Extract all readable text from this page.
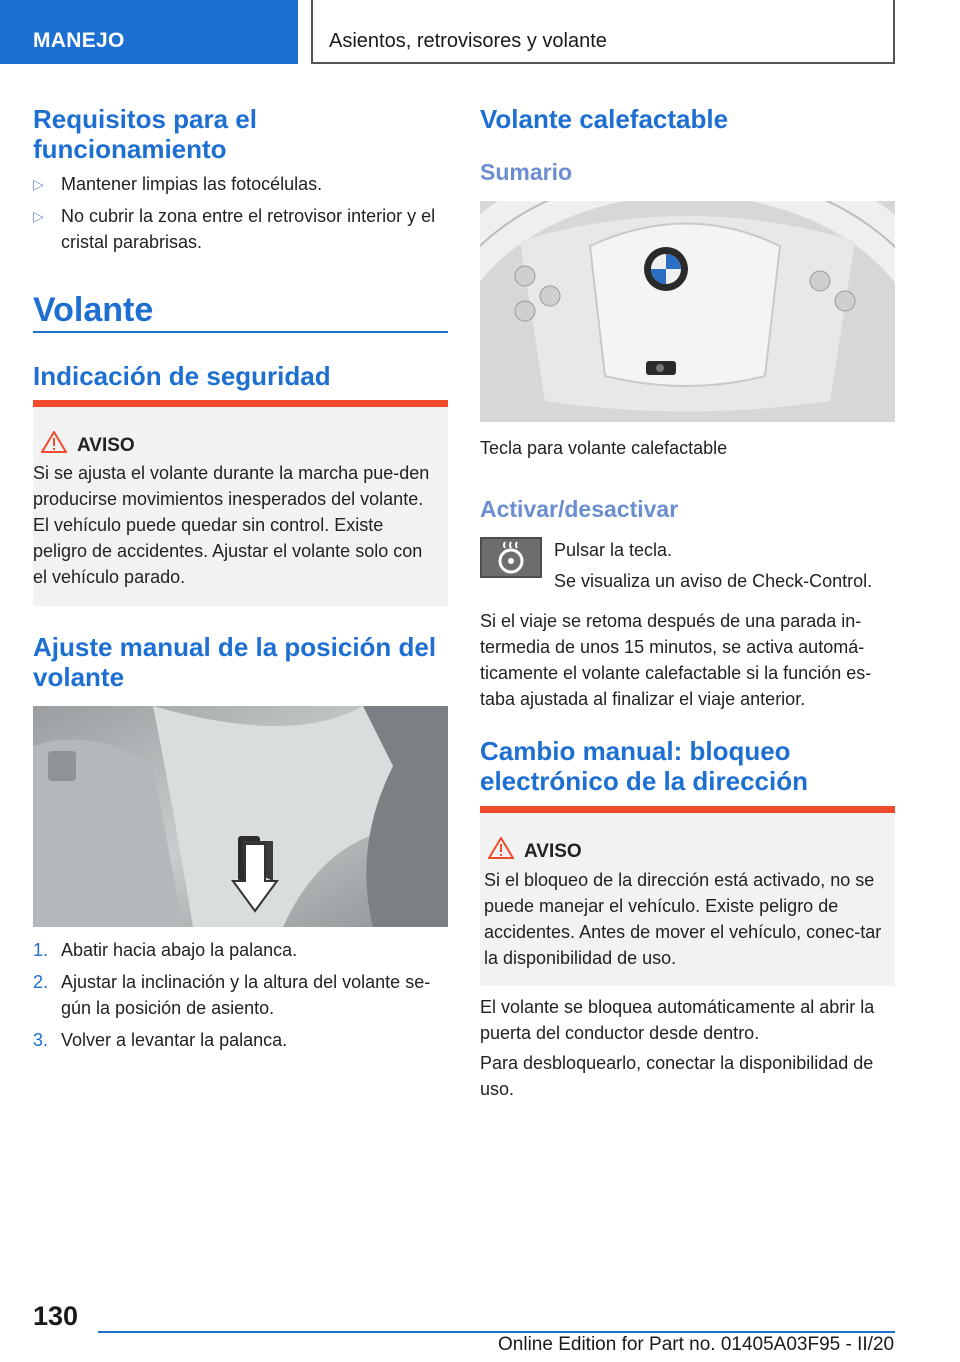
MANEJO	Asientos, retrovisores y volante
Requisitos para el funcionamiento
▷ Mantener limpias las fotocélulas.
▷ No cubrir la zona entre el retrovisor interior y el cristal parabrisas.
Volante
Indicación de seguridad
AVISO
Si se ajusta el volante durante la marcha pue-den producirse movimientos inesperados del volante. El vehículo puede quedar sin control. Existe peligro de accidentes. Ajustar el volante solo con el vehículo parado.
Ajuste manual de la posición del volante
1. Abatir hacia abajo la palanca.
2. Ajustar la inclinación y la altura del volante se-gún la posición de asiento.
3. Volver a levantar la palanca.
Volante calefactable
Sumario
Tecla para volante calefactable
Activar/desactivar
Pulsar la tecla.
Se visualiza un aviso de Check-Control.
Si el viaje se retoma después de una parada in-termedia de unos 15 minutos, se activa automá-ticamente el volante calefactable si la función es-taba ajustada al finalizar el viaje anterior.
Cambio manual: bloqueo electrónico de la dirección
AVISO
Si el bloqueo de la dirección está activado, no se puede manejar el vehículo. Existe peligro de accidentes. Antes de mover el vehículo, conec-tar la disponibilidad de uso.
El volante se bloquea automáticamente al abrir la puerta del conductor desde dentro.
Para desbloquearlo, conectar la disponibilidad de uso.
130
Online Edition for Part no. 01405A03F95 - II/20
